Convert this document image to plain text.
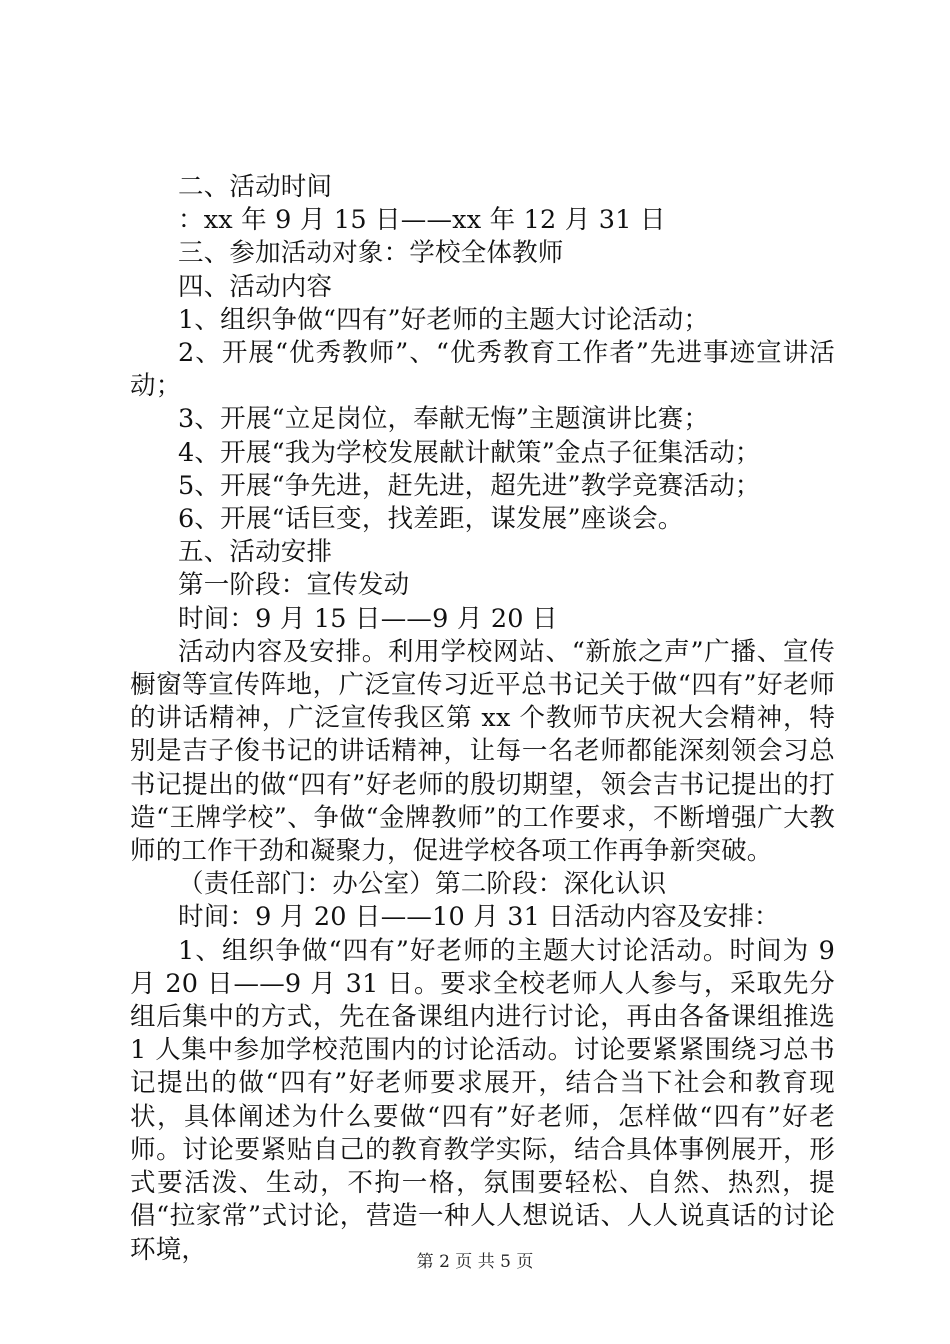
二、活动时间

：xx 年 9 月 15 日——xx 年 12 月 31 日

三、参加活动对象：学校全体教师

四、活动内容

1、组织争做“四有”好老师的主题大讨论活动；

2、开展“优秀教师”、“优秀教育工作者”先进事迹宣讲活动；

3、开展“立足岗位，奉献无悔”主题演讲比赛；

4、开展“我为学校发展献计献策”金点子征集活动；

5、开展“争先进，赶先进，超先进”教学竞赛活动；

6、开展“话巨变，找差距，谋发展”座谈会。

五、活动安排

第一阶段：宣传发动

时间：9 月 15 日——9 月 20 日

活动内容及安排。利用学校网站、“新旅之声”广播、宣传橱窗等宣传阵地，广泛宣传习近平总书记关于做“四有”好老师的讲话精神，广泛宣传我区第 xx 个教师节庆祝大会精神，特别是吉子俊书记的讲话精神，让每一名老师都能深刻领会习总书记提出的做“四有”好老师的殷切期望，领会吉书记提出的打造“王牌学校”、争做“金牌教师”的工作要求，不断增强广大教师的工作干劲和凝聚力，促进学校各项工作再争新突破。

（责任部门：办公室）第二阶段：深化认识

时间：9 月 20 日——10 月 31 日活动内容及安排：

1、组织争做“四有”好老师的主题大讨论活动。时间为 9 月 20 日——9 月 31 日。要求全校老师人人参与，采取先分组后集中的方式，先在备课组内进行讨论，再由各备课组推选 1 人集中参加学校范围内的讨论活动。讨论要紧紧围绕习总书记提出的做“四有”好老师要求展开，结合当下社会和教育现状，具体阐述为什么要做“四有”好老师，怎样做“四有”好老师。讨论要紧贴自己的教育教学实际，结合具体事例展开，形式要活泼、生动，不拘一格，氛围要轻松、自然、热烈，提倡“拉家常”式讨论，营造一种人人想说话、人人说真话的讨论环境，	第 2 页 共 5 页
